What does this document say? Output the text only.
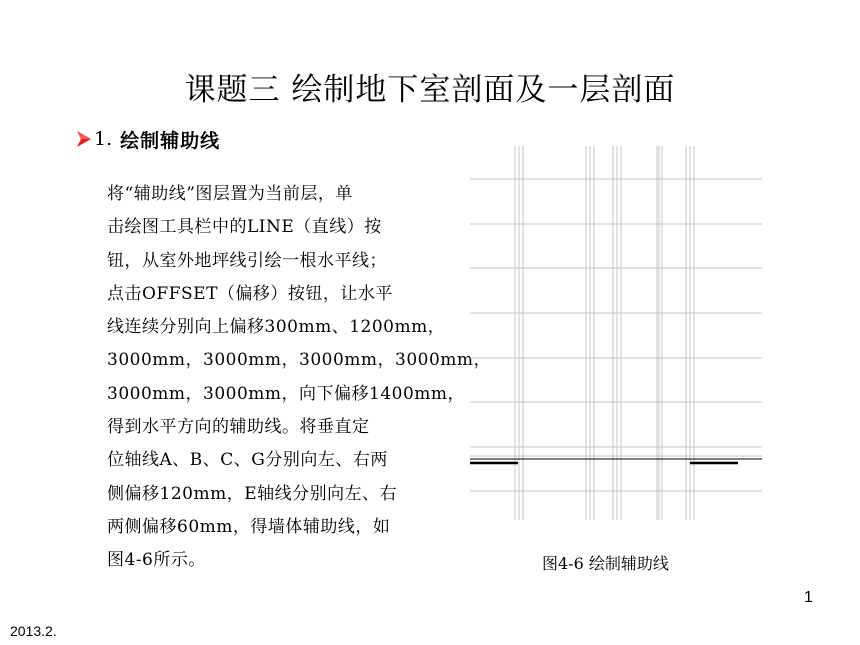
课题三 绘制地下室剖面及一层剖面
1. 绘制辅助线
将“辅助线”图层置为当前层，单
击绘图工具栏中的LINE（直线）按
钮，从室外地坪线引绘一根水平线；
点击OFFSET（偏移）按钮，让水平
线连续分别向上偏移300mm、1200mm，
3000mm，3000mm，3000mm，3000mm，
3000mm，3000mm，向下偏移1400mm，
得到水平方向的辅助线。将垂直定
位轴线A、B、C、G分别向左、右两
侧偏移120mm，E轴线分别向左、右
两侧偏移60mm，得墙体辅助线，如
图4-6所示。	图4-6 绘制辅助线
1
2013.2.
